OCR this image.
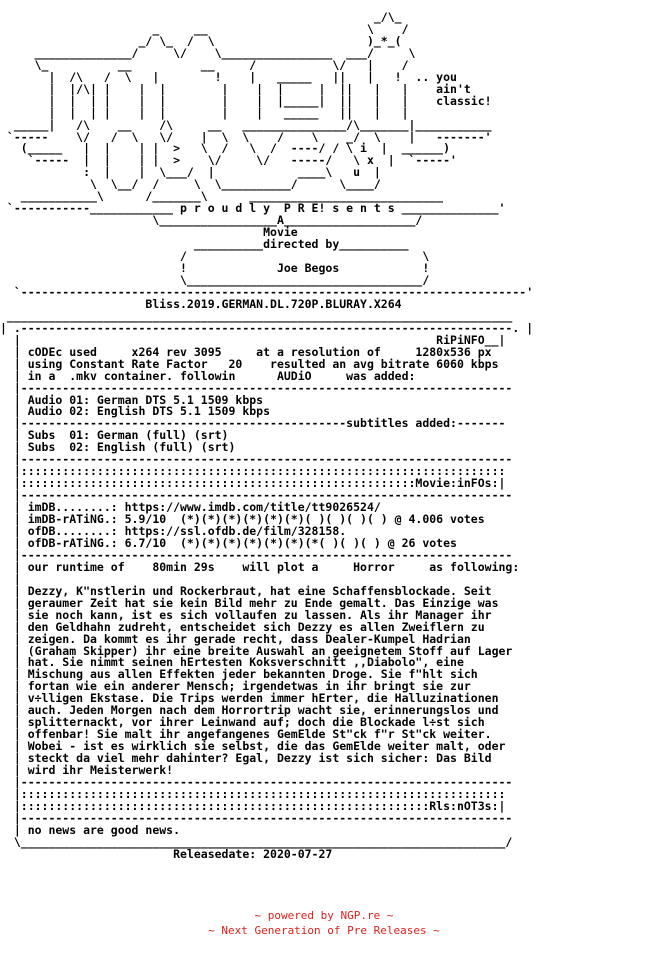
_/\_
_     __                       \    /
_/ \_  /  \                      )_*_(
______________/     \/    \________________  ___/     \
\_          __          __     /           \/   |    /
|  /\   /  \   |        !    |   _____   ||   |   !  .. you
|  |/\| |    |  |        |    |  |     |  ||   |   |    ain't
|  |  | |    |  |        |    |  |_____|  ||   |   |    classic!
|  |  | |    |  |        |    |   _____   ||   |   |
_____|   /\    __    /\     __   _______________/\_______|___________
`-----    \/   /  \   \/    |  \  \    /    \    _/  \    |   -------'
(_____   |  |    | |  >   \  /   \  /  ----/ / \ i  |  ______)
`-----  |  |    | |  >    \/     \/   -----/   \ x  |  `-----'
:  |    |  \___/  |            ____\   u  |
\  \__/  /     \  \__________/      \____/
___________\      /_______\      ____________________________
`-----------____________ p r o u d l y  P R E! s e n t s ______________'
\_________________A___________________/
Movie
__________directed by__________
/                                  \
!             Joe Begos            !
\__________________________________/
`-------------------------------------------------------------------------'
Bliss.2019.GERMAN.DL.720P.BLURAY.X264
_________________________________________________________________________
| .-----------------------------------------------------------------------. |
|                                                            RiPiNFO__|
| cODEc used     x264 rev 3095     at a resolution of     1280x536 px
| using Constant Rate Factor   20    resulted an avg bitrate 6060 kbps
| in a  .mkv container. followin      AUDiO     was added:
|-----------------------------------------------------------------------
| Audio 01: German DTS 5.1 1509 kbps
| Audio 02: English DTS 5.1 1509 kbps
|-----------------------------------------------subtitles added:-------
| Subs  01: German (full) (srt)
| Subs  02: English (full) (srt)
|-----------------------------------------------------------------------
|::::::::::::::::::::::::::::::::::::::::::::::::::::::::::::::::::::::
|:::::::::::::::::::::::::::::::::::::::::::::::::::::::::Movie:inFOs:|
|-----------------------------------------------------------------------
| imDB........: https://www.imdb.com/title/tt9026524/
| imDB-rATiNG.: 5.9/10  (*)(*)(*)(*)(*)(*)( )( )( )( ) @ 4.006 votes
| ofDB........: https://ssl.ofdb.de/film/328158.
| ofDB-rATiNG.: 6.7/10  (*)(*)(*)(*)(*)(*)(*( )( )( ) @ 26 votes
|-----------------------------------------------------------------------
| our runtime of    80min 29s    will plot a     Horror     as following:
|
| Dezzy, K"nstlerin und Rockerbraut, hat eine Schaffensblockade. Seit
| geraumer Zeit hat sie kein Bild mehr zu Ende gemalt. Das Einzige was
| sie noch kann, ist es sich vollaufen zu lassen. Als ihr Manager ihr
| den Geldhahn zudreht, entscheidet sich Dezzy es allen Zweiflern zu
| zeigen. Da kommt es ihr gerade recht, dass Dealer-Kumpel Hadrian
| (Graham Skipper) ihr eine breite Auswahl an geeignetem Stoff auf Lager
| hat. Sie nimmt seinen hErtesten Koksverschnitt ,,Diabolo", eine
| Mischung aus allen Effekten jeder bekannten Droge. Sie f"hlt sich
| fortan wie ein anderer Mensch; irgendetwas in ihr bringt sie zur
| v÷lligen Ekstase. Die Trips werden immer hErter, die Halluzinationen
| auch. Jeden Morgen nach dem Horrortrip wacht sie, erinnerungslos und
| splitternackt, vor ihrer Leinwand auf; doch die Blockade l÷st sich
| offenbar! Sie malt ihr angefangenes GemElde St"ck f"r St"ck weiter.
| Wobei - ist es wirklich sie selbst, die das GemElde weiter malt, oder
| steckt da viel mehr dahinter? Egal, Dezzy ist sich sicher: Das Bild
| wird ihr Meisterwerk!
|-----------------------------------------------------------------------
|::::::::::::::::::::::::::::::::::::::::::::::::::::::::::::::::::::::
|:::::::::::::::::::::::::::::::::::::::::::::::::::::::::::Rls:nOT3s:|
|-----------------------------------------------------------------------
| no news are good news.
\______________________________________________________________________/
Releasedate: 2020-07-27
~ powered by NGP.re ~
~ Next Generation of Pre Releases ~
